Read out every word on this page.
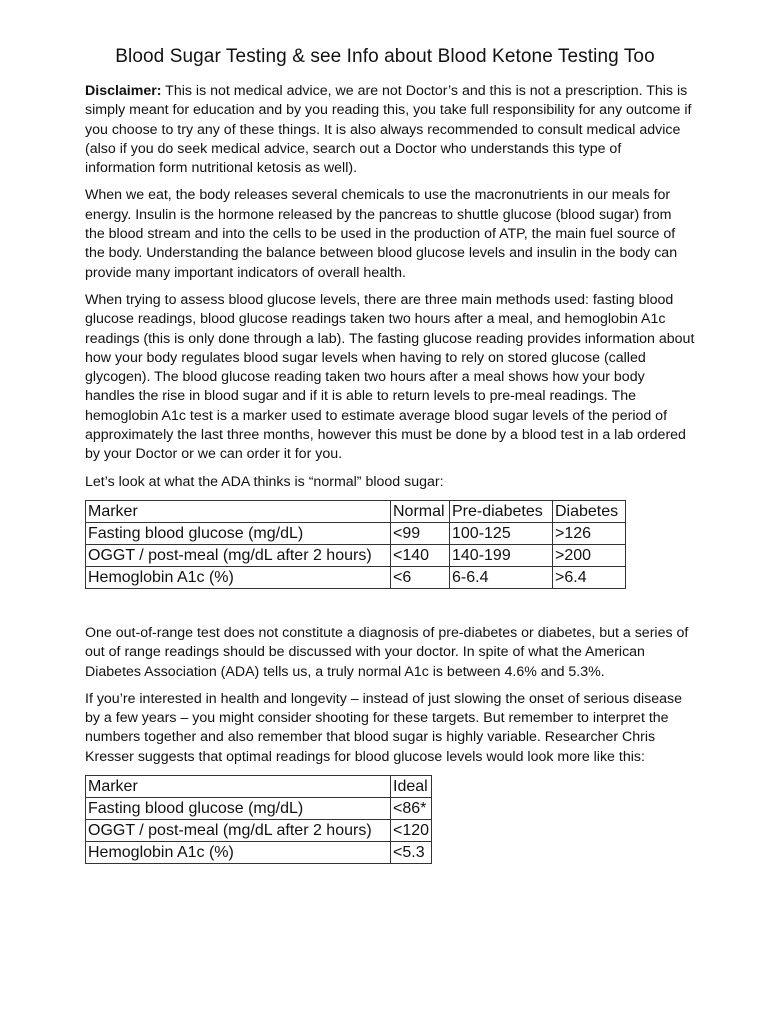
Blood Sugar Testing & see Info about Blood Ketone Testing Too

Disclaimer: This is not medical advice, we are not Doctor’s and this is not a prescription. This is simply meant for education and by you reading this, you take full responsibility for any outcome if you choose to try any of these things. It is also always recommended to consult medical advice (also if you do seek medical advice, search out a Doctor who understands this type of information form nutritional ketosis as well).

When we eat, the body releases several chemicals to use the macronutrients in our meals for energy. Insulin is the hormone released by the pancreas to shuttle glucose (blood sugar) from the blood stream and into the cells to be used in the production of ATP, the main fuel source of the body. Understanding the balance between blood glucose levels and insulin in the body can provide many important indicators of overall health.

When trying to assess blood glucose levels, there are three main methods used: fasting blood glucose readings, blood glucose readings taken two hours after a meal, and hemoglobin A1c readings (this is only done through a lab). The fasting glucose reading provides information about how your body regulates blood sugar levels when having to rely on stored glucose (called glycogen). The blood glucose reading taken two hours after a meal shows how your body handles the rise in blood sugar and if it is able to return levels to pre-meal readings. The hemoglobin A1c test is a marker used to estimate average blood sugar levels of the period of approximately the last three months, however this must be done by a blood test in a lab ordered by your Doctor or we can order it for you.

Let’s look at what the ADA thinks is “normal” blood sugar:

Marker	Normal	Pre-diabetes	Diabetes
Fasting blood glucose (mg/dL)	<99	100-125	>126
OGGT / post-meal (mg/dL after 2 hours)	<140	140-199	>200
Hemoglobin A1c (%)	<6	6-6.4	>6.4

One out-of-range test does not constitute a diagnosis of pre-diabetes or diabetes, but a series of out of range readings should be discussed with your doctor. In spite of what the American Diabetes Association (ADA) tells us, a truly normal A1c is between 4.6% and 5.3%.

If you’re interested in health and longevity – instead of just slowing the onset of serious disease by a few years – you might consider shooting for these targets. But remember to interpret the numbers together and also remember that blood sugar is highly variable. Researcher Chris Kresser suggests that optimal readings for blood glucose levels would look more like this:

Marker	Ideal
Fasting blood glucose (mg/dL)	<86*
OGGT / post-meal (mg/dL after 2 hours)	<120
Hemoglobin A1c (%)	<5.3
